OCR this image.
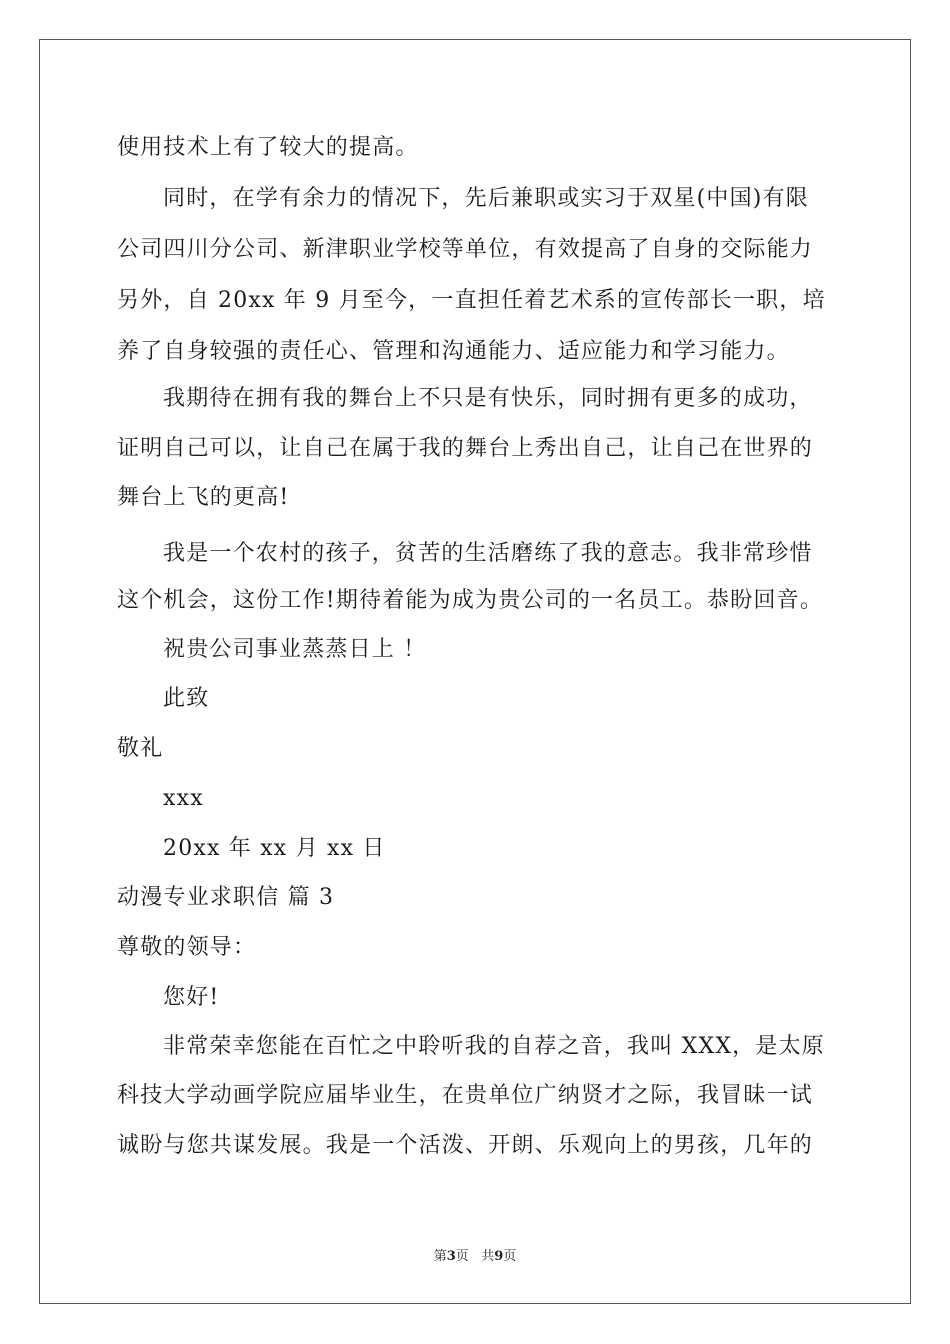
使用技术上有了较大的提高。
同时，在学有余力的情况下，先后兼职或实习于双星(中国)有限
公司四川分公司、新津职业学校等单位，有效提高了自身的交际能力
另外，自 20xx 年 9 月至今，一直担任着艺术系的宣传部长一职，培
养了自身较强的责任心、管理和沟通能力、适应能力和学习能力。
我期待在拥有我的舞台上不只是有快乐，同时拥有更多的成功，
证明自己可以，让自己在属于我的舞台上秀出自己，让自己在世界的
舞台上飞的更高!
我是一个农村的孩子，贫苦的生活磨练了我的意志。我非常珍惜
这个机会，这份工作!期待着能为成为贵公司的一名员工。恭盼回音。
祝贵公司事业蒸蒸日上 ！
此致
敬礼
xxx
20xx 年 xx 月 xx 日
动漫专业求职信 篇 3
尊敬的领导：
您好!
非常荣幸您能在百忙之中聆听我的自荐之音，我叫 XXX，是太原
科技大学动画学院应届毕业生，在贵单位广纳贤才之际，我冒昧一试
诚盼与您共谋发展。我是一个活泼、开朗、乐观向上的男孩，几年的
第3页 共9页
